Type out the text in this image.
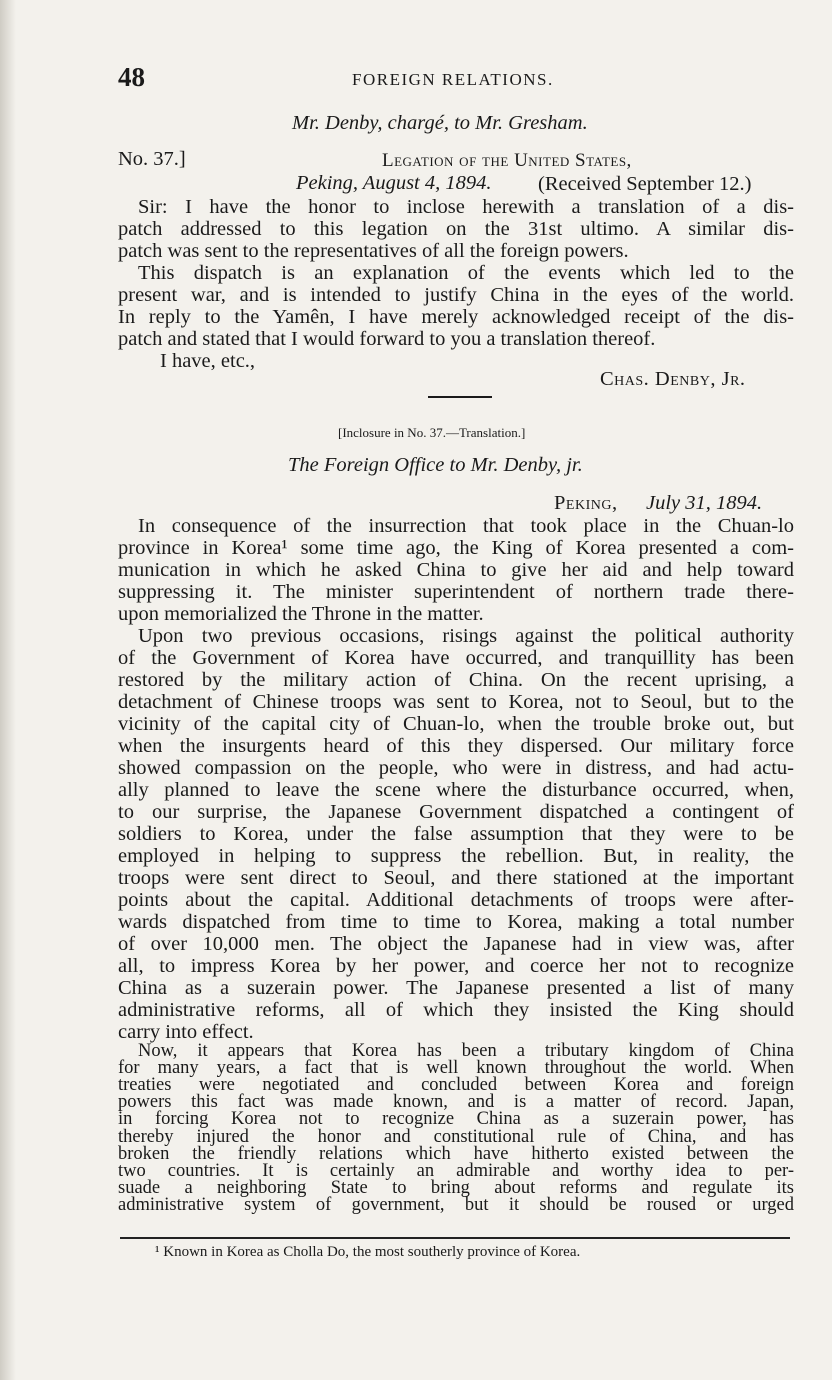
48	FOREIGN RELATIONS.
Mr. Denby, chargé, to Mr. Gresham.
No. 37.]	Legation of the United States,
Peking, August 4, 1894. (Received September 12.)
Sir: I have the honor to inclose herewith a translation of a dis-
patch addressed to this legation on the 31st ultimo. A similar dis-
patch was sent to the representatives of all the foreign powers.
This dispatch is an explanation of the events which led to the
present war, and is intended to justify China in the eyes of the world.
In reply to the Yamên, I have merely acknowledged receipt of the dis-
patch and stated that I would forward to you a translation thereof.
I have, etc.,
Chas. Denby, Jr.
[Inclosure in No. 37.—Translation.]
The Foreign Office to Mr. Denby, jr.
Peking, July 31, 1894.
In consequence of the insurrection that took place in the Chuan-lo
province in Korea¹ some time ago, the King of Korea presented a com-
munication in which he asked China to give her aid and help toward
suppressing it. The minister superintendent of northern trade there-
upon memorialized the Throne in the matter.
Upon two previous occasions, risings against the political authority
of the Government of Korea have occurred, and tranquillity has been
restored by the military action of China. On the recent uprising, a
detachment of Chinese troops was sent to Korea, not to Seoul, but to the
vicinity of the capital city of Chuan-lo, when the trouble broke out, but
when the insurgents heard of this they dispersed. Our military force
showed compassion on the people, who were in distress, and had actu-
ally planned to leave the scene where the disturbance occurred, when,
to our surprise, the Japanese Government dispatched a contingent of
soldiers to Korea, under the false assumption that they were to be
employed in helping to suppress the rebellion. But, in reality, the
troops were sent direct to Seoul, and there stationed at the important
points about the capital. Additional detachments of troops were after-
wards dispatched from time to time to Korea, making a total number
of over 10,000 men. The object the Japanese had in view was, after
all, to impress Korea by her power, and coerce her not to recognize
China as a suzerain power. The Japanese presented a list of many
administrative reforms, all of which they insisted the King should
carry into effect.
Now, it appears that Korea has been a tributary kingdom of China
for many years, a fact that is well known throughout the world. When
treaties were negotiated and concluded between Korea and foreign
powers this fact was made known, and is a matter of record. Japan,
in forcing Korea not to recognize China as a suzerain power, has
thereby injured the honor and constitutional rule of China, and has
broken the friendly relations which have hitherto existed between the
two countries. It is certainly an admirable and worthy idea to per-
¹ Known in Korea as Cholla Do, the most southerly province of Korea.
suade a neighboring State to bring about reforms and regulate its
administrative system of government, but it should be roused or urged
